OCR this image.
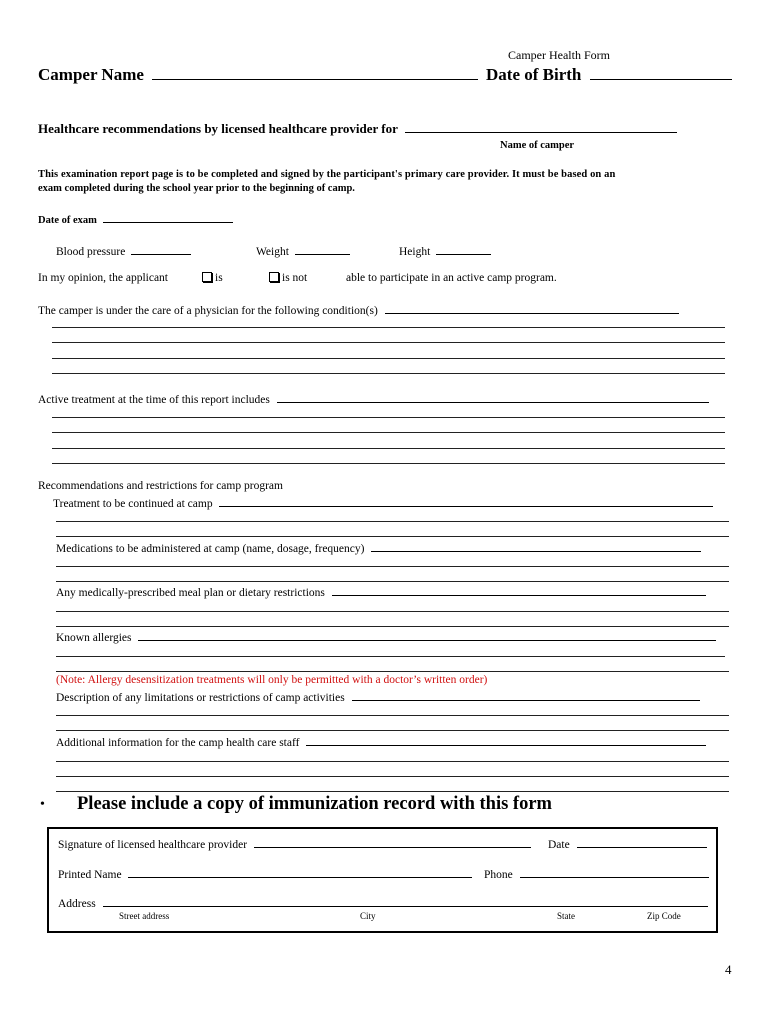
Camper Health Form
Camper Name	Date of Birth
Healthcare recommendations by licensed healthcare provider for
Name of camper
This examination report page is to be completed and signed by the participant's primary care provider. It must be based on an
exam completed during the school year prior to the beginning of camp.
Date of exam
Blood pressure	Weight	Height
In my opinion, the applicant	is	is not	able to participate in an active camp program.
The camper is under the care of a physician for the following condition(s)
Active treatment at the time of this report includes
Recommendations and restrictions for camp program
Treatment to be continued at camp
Medications to be administered at camp (name, dosage, frequency)
Any medically-prescribed meal plan or dietary restrictions
Known allergies
(Note: Allergy desensitization treatments will only be permitted with a doctor’s written order)
Description of any limitations or restrictions of camp activities
Additional information for the camp health care staff
• Please include a copy of immunization record with this form
Signature of licensed healthcare provider	Date
Printed Name	Phone
Address
Street address	City	State	Zip Code
4
